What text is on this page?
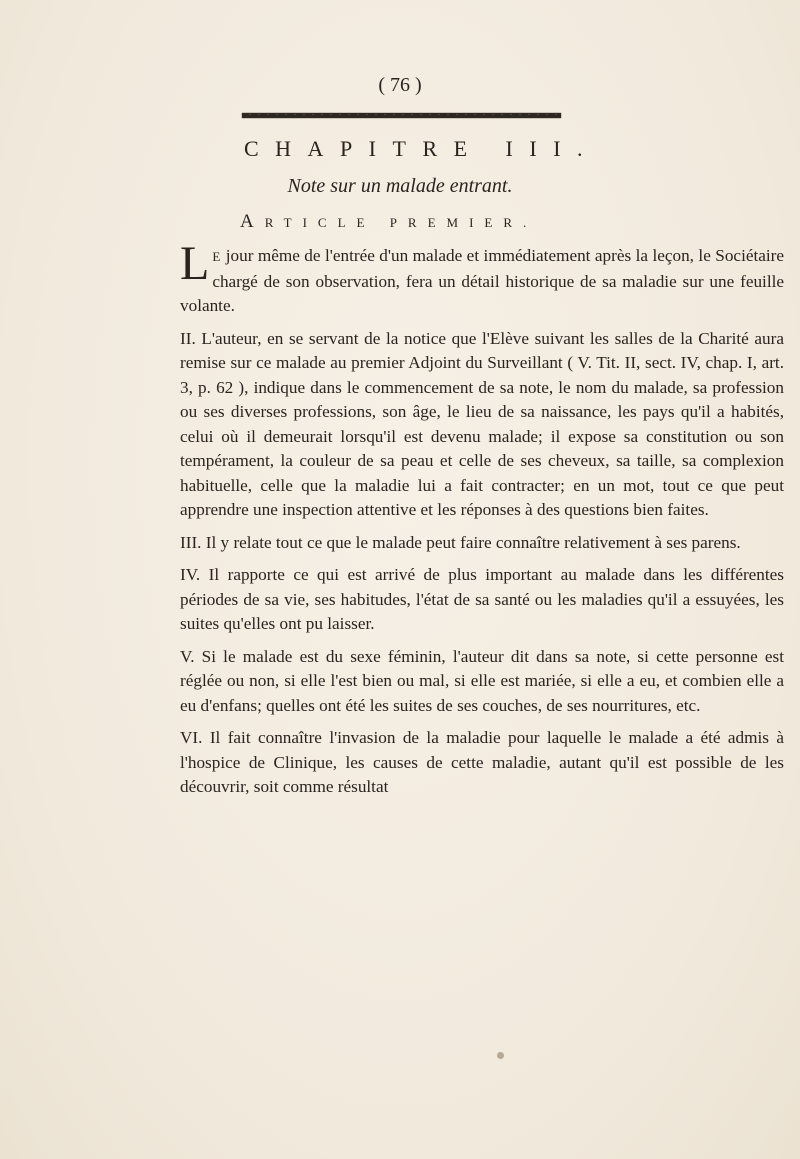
( 76 )
CHAPITRE III.
Note sur un malade entrant.
ARTICLE PREMIER.

L E jour même de l'entrée d'un malade et immédiatement après la leçon, le Sociétaire chargé de son observation, fera un détail historique de sa maladie sur une feuille volante.

II. L'auteur, en se servant de la notice que l'Elève suivant les salles de la Charité aura remise sur ce malade au premier Adjoint du Surveillant ( V. Tit. II, sect. IV, chap. I, art. 3, p. 62 ), indique dans le commencement de sa note, le nom du malade, sa profession ou ses diverses professions, son âge, le lieu de sa naissance, les pays qu'il a habités, celui où il demeurait lorsqu'il est devenu malade; il expose sa constitution ou son tempérament, la couleur de sa peau et celle de ses cheveux, sa taille, sa complexion habituelle, celle que la maladie lui a fait contracter; en un mot, tout ce que peut apprendre une inspection attentive et les réponses à des questions bien faites.

III. Il y relate tout ce que le malade peut faire connaître relativement à ses parens.

IV. Il rapporte ce qui est arrivé de plus important au malade dans les différentes périodes de sa vie, ses habitudes, l'état de sa santé ou les maladies qu'il a essuyées, les suites qu'elles ont pu laisser.

V. Si le malade est du sexe féminin, l'auteur dit dans sa note, si cette personne est réglée ou non, si elle l'est bien ou mal, si elle est mariée, si elle a eu, et combien elle a eu d'enfans; quelles ont été les suites de ses couches, de ses nourritures, etc.

VI. Il fait connaître l'invasion de la maladie pour laquelle le malade a été admis à l'hospice de Clinique, les causes de cette maladie, autant qu'il est possible de les découvrir, soit comme résultat
